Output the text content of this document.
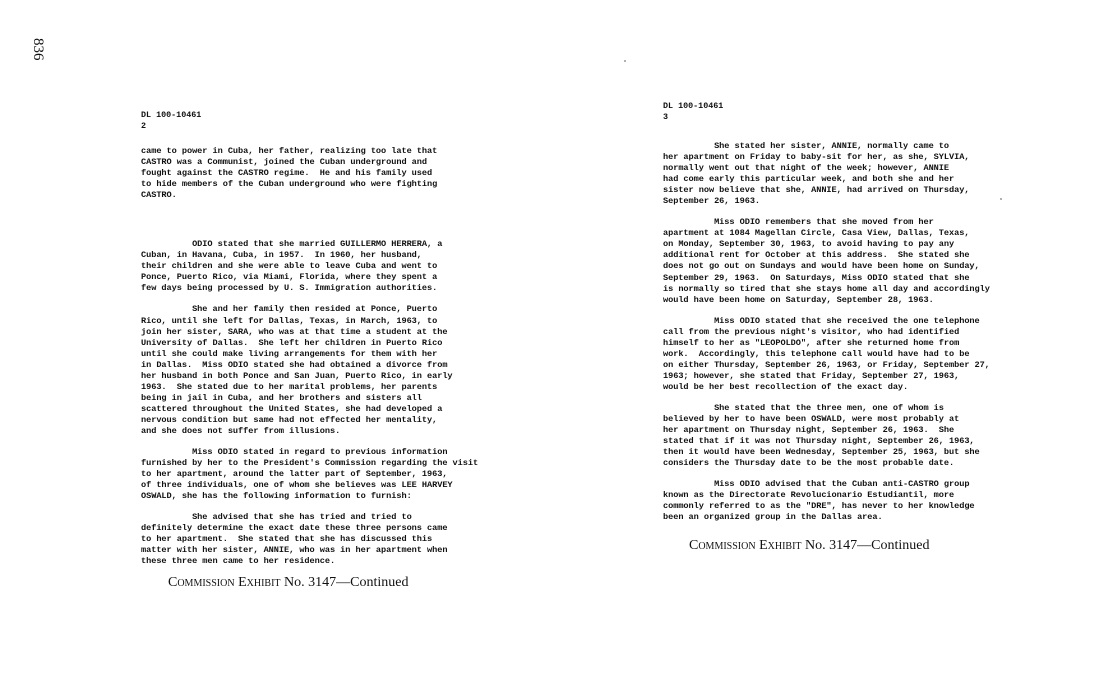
836

DL 100-10461

2

came to power in Cuba, her father, realizing too late that
CASTRO was a Communist, joined the Cuban underground and
fought against the CASTRO regime.  He and his family used
to hide members of the Cuban underground who were fighting
CASTRO.

ODIO stated that she married GUILLERMO HERRERA, a
Cuban, in Havana, Cuba, in 1957.  In 1960, her husband,
their children and she were able to leave Cuba and went to
Ponce, Puerto Rico, via Miami, Florida, where they spent a
few days being processed by U. S. Immigration authorities.

She and her family then resided at Ponce, Puerto
Rico, until she left for Dallas, Texas, in March, 1963, to
join her sister, SARA, who was at that time a student at the
University of Dallas.  She left her children in Puerto Rico
until she could make living arrangements for them with her
in Dallas.  Miss ODIO stated she had obtained a divorce from
her husband in both Ponce and San Juan, Puerto Rico, in early
1963.  She stated due to her marital problems, her parents
being in jail in Cuba, and her brothers and sisters all
scattered throughout the United States, she had developed a
nervous condition but same had not effected her mentality,
and she does not suffer from illusions.

Miss ODIO stated in regard to previous information
furnished by her to the President's Commission regarding the visit
to her apartment, around the latter part of September, 1963,
of three individuals, one of whom she believes was LEE HARVEY
OSWALD, she has the following information to furnish:

She advised that she has tried and tried to
definitely determine the exact date these three persons came
to her apartment.  She stated that she has discussed this
matter with her sister, ANNIE, who was in her apartment when
these three men came to her residence.

Commission Exhibit No. 3147—Continued

DL 100-10461

3

She stated her sister, ANNIE, normally came to
her apartment on Friday to baby-sit for her, as she, SYLVIA,
normally went out that night of the week; however, ANNIE
had come early this particular week, and both she and her
sister now believe that she, ANNIE, had arrived on Thursday,
September 26, 1963.

Miss ODIO remembers that she moved from her
apartment at 1084 Magellan Circle, Casa View, Dallas, Texas,
on Monday, September 30, 1963, to avoid having to pay any
additional rent for October at this address.  She stated she
does not go out on Sundays and would have been home on Sunday,
September 29, 1963.  On Saturdays, Miss ODIO stated that she
is normally so tired that she stays home all day and accordingly
would have been home on Saturday, September 28, 1963.

Miss ODIO stated that she received the one telephone
call from the previous night's visitor, who had identified
himself to her as "LEOPOLDO", after she returned home from
work.  Accordingly, this telephone call would have had to be
on either Thursday, September 26, 1963, or Friday, September 27,
1963; however, she stated that Friday, September 27, 1963,
would be her best recollection of the exact day.

She stated that the three men, one of whom is
believed by her to have been OSWALD, were most probably at
her apartment on Thursday night, September 26, 1963.  She
stated that if it was not Thursday night, September 26, 1963,
then it would have been Wednesday, September 25, 1963, but she
considers the Thursday date to be the most probable date.

Miss ODIO advised that the Cuban anti-CASTRO group
known as the Directorate Revolucionario Estudiantil, more
commonly referred to as the "DRE", has never to her knowledge
been an organized group in the Dallas area.

Commission Exhibit No. 3147—Continued
